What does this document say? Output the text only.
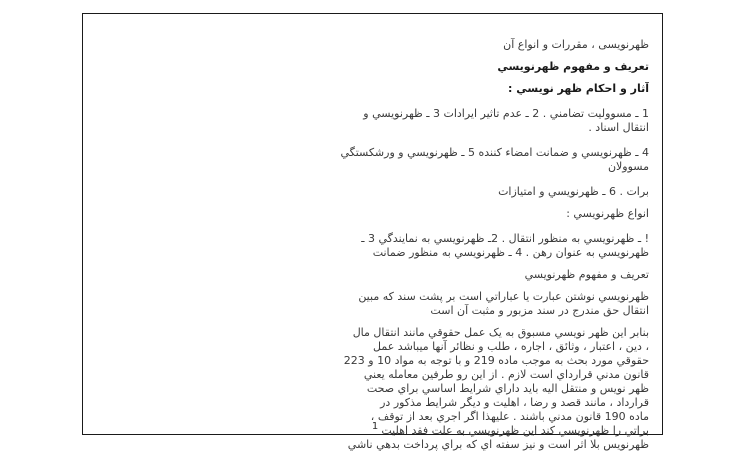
ظهرنويسى ، مقررات و انواع آن
تعريف و مفهوم ظهرنويسي
آثار و احکام ظهر نويسي :
1 ـ مسووليت تضامني . 2 ـ عدم تاثير ايرادات 3 ـ ظهرنويسي و
انتقال اسناد .
4 ـ ظهرنويسي و ضمانت امضاء کننده 5 ـ ظهرنويسي و ورشکستگي
مسوولان
برات . 6 ـ ظهرنويسي و امتيازات
انواع ظهرنويسي :
! ـ ظهرنويسي به منظور انتقال . 2ـ ظهرنويسي به نمايندگي 3 ـ
ظهرنويسي به عنوان رهن . 4 ـ ظهرنويسي به منظور ضمانت
تعريف و مفهوم ظهرنويسي
ظهرنويسي نوشتن عبارت يا عباراتي است بر پشت سند که مبين
انتقال حق مندرج در سند مزبور و مثبت آن است
بنابر اين ظهر نويسي مسبوق به يک عمل حقوقي مانند انتقال مال
، دين ، اعتبار ، وثائق ، اجاره ، طلب و نظائر آنها ميباشد عمل
حقوقي مورد بحث به موجب ماده 219 و با توجه به مواد 10 و 223
قانون مدني قرارداي است لازم . از اين رو طرفين معامله يعني
ظهر نويس و منتقل اليه بايد داراي شرايط اساسي براي صحت
قرارداد ، مانند قصد و رضا ، اهليت و ديگر شرايط مذکور در
ماده 190 قانون مدني باشند . عليهذا اگر اجري بعد از توقف ،
براتي را ظهرنويسي کند اين ظهرنويسي به علت فقد اهليت
ظهرنويس بلا اثر است و نيز سفته اي که براي پرداخت بدهي ناشي
1
